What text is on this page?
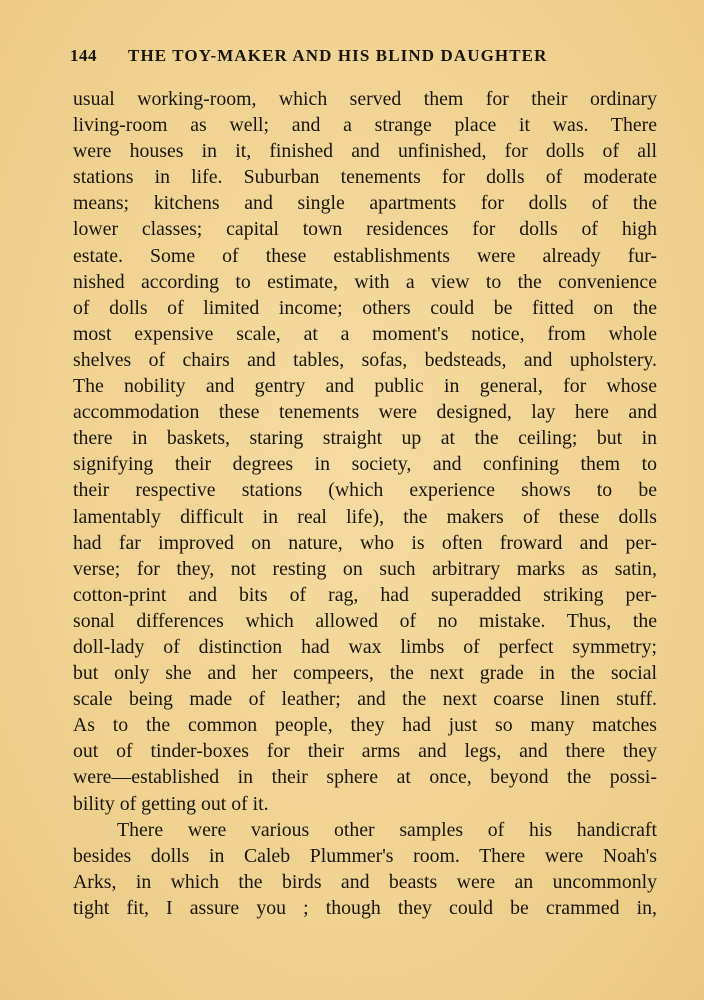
144 THE TOY-MAKER AND HIS BLIND DAUGHTER
usual working-room, which served them for their ordinary
living-room as well; and a strange place it was. There
were houses in it, finished and unfinished, for dolls of all
stations in life. Suburban tenements for dolls of moderate
means; kitchens and single apartments for dolls of the
lower classes; capital town residences for dolls of high
estate. Some of these establishments were already fur-
nished according to estimate, with a view to the convenience
of dolls of limited income; others could be fitted on the
most expensive scale, at a moment's notice, from whole
shelves of chairs and tables, sofas, bedsteads, and upholstery.
The nobility and gentry and public in general, for whose
accommodation these tenements were designed, lay here and
there in baskets, staring straight up at the ceiling; but in
signifying their degrees in society, and confining them to
their respective stations (which experience shows to be
lamentably difficult in real life), the makers of these dolls
had far improved on nature, who is often froward and per-
verse; for they, not resting on such arbitrary marks as satin,
cotton-print and bits of rag, had superadded striking per-
sonal differences which allowed of no mistake. Thus, the
doll-lady of distinction had wax limbs of perfect symmetry;
but only she and her compeers, the next grade in the social
scale being made of leather; and the next coarse linen stuff.
As to the common people, they had just so many matches
out of tinder-boxes for their arms and legs, and there they
were—established in their sphere at once, beyond the possi-
bility of getting out of it.
There were various other samples of his handicraft
besides dolls in Caleb Plummer's room. There were Noah's
Arks, in which the birds and beasts were an uncommonly
tight fit, I assure you ; though they could be crammed in,
